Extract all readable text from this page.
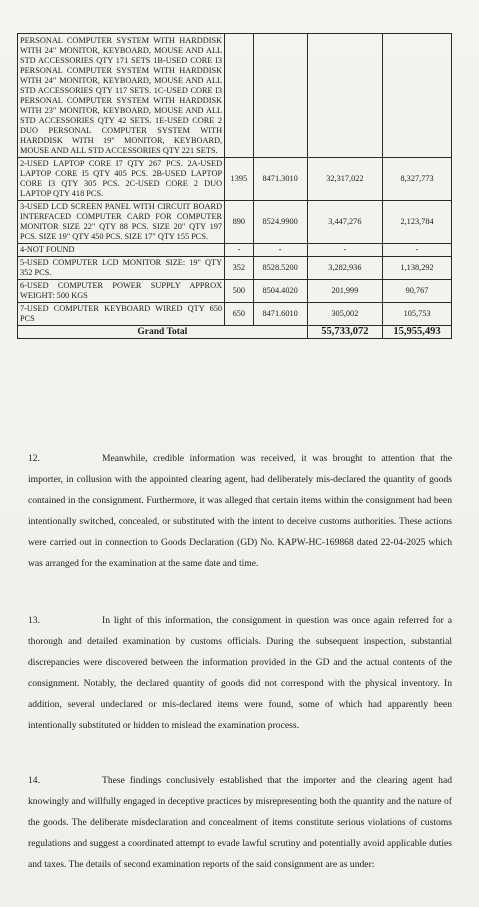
PERSONAL COMPUTER SYSTEM WITH HARDDISK WITH 24" MONITOR, KEYBOARD, MOUSE AND ALL STD ACCESSORIES QTY 171 SETS 1B-USED CORE I3 PERSONAL COMPUTER SYSTEM WITH HARDDISK WITH 24" MONITOR, KEYBOARD, MOUSE AND ALL STD ACCESSORIES QTY 117 SETS. 1C-USED CORE I3 PERSONAL COMPUTER SYSTEM WITH HARDDISK WITH 23" MONITOR, KEYBOARD, MOUSE AND ALL STD ACCESSORIES QTY 42 SETS. 1E-USED CORE 2 DUO PERSONAL COMPUTER SYSTEM WITH HARDDISK WITH 19" MONITOR, KEYBOARD, MOUSE AND ALL STD ACCESSORIES QTY 221 SETS.				
2-USED LAPTOP CORE I7 QTY 267 PCS. 2A-USED LAPTOP CORE I5 QTY 405 PCS. 2B-USED LAPTOP CORE I3 QTY 305 PCS. 2C-USED CORE 2 DUO LAPTOP QTY 418 PCS.	1395	8471.3010	32,317,022	8,327,773
3-USED LCD SCREEN PANEL WITH CIRCUIT BOARD INTERFACED COMPUTER CARD FOR COMPUTER MONITOR SIZE 22" QTY 88 PCS. SIZE 20" QTY 197 PCS. SIZE 19" QTY 450 PCS. SIZE 17" QTY 155 PCS.	890	8524.9900	3,447,276	2,123,784
4-NOT FOUND	-	-	-	-
5-USED COMPUTER LCD MONITOR SIZE: 19" QTY 352 PCS.	352	8528.5200	3,282,936	1,138,292
6-USED COMPUTER POWER SUPPLY APPROX WEIGHT: 500 KGS	500	8504.4020	201,999	90,767
7-USED COMPUTER KEYBOARD WIRED QTY 650 PCS	650	8471.6010	305,002	105,753
Grand Total			55,733,072	15,955,493
12.	Meanwhile, credible information was received, it was brought to attention that the importer, in collusion with the appointed clearing agent, had deliberately mis-declared the quantity of goods contained in the consignment. Furthermore, it was alleged that certain items within the consignment had been intentionally switched, concealed, or substituted with the intent to deceive customs authorities. These actions were carried out in connection to Goods Declaration (GD) No. KAPW-HC-169868 dated 22-04-2025 which was arranged for the examination at the same date and time.
13.	In light of this information, the consignment in question was once again referred for a thorough and detailed examination by customs officials. During the subsequent inspection, substantial discrepancies were discovered between the information provided in the GD and the actual contents of the consignment. Notably, the declared quantity of goods did not correspond with the physical inventory. In addition, several undeclared or mis-declared items were found, some of which had apparently been intentionally substituted or hidden to mislead the examination process.
14.	These findings conclusively established that the importer and the clearing agent had knowingly and willfully engaged in deceptive practices by misrepresenting both the quantity and the nature of the goods. The deliberate misdeclaration and concealment of items constitute serious violations of customs regulations and suggest a coordinated attempt to evade lawful scrutiny and potentially avoid applicable duties and taxes. The details of second examination reports of the said consignment are as under:
